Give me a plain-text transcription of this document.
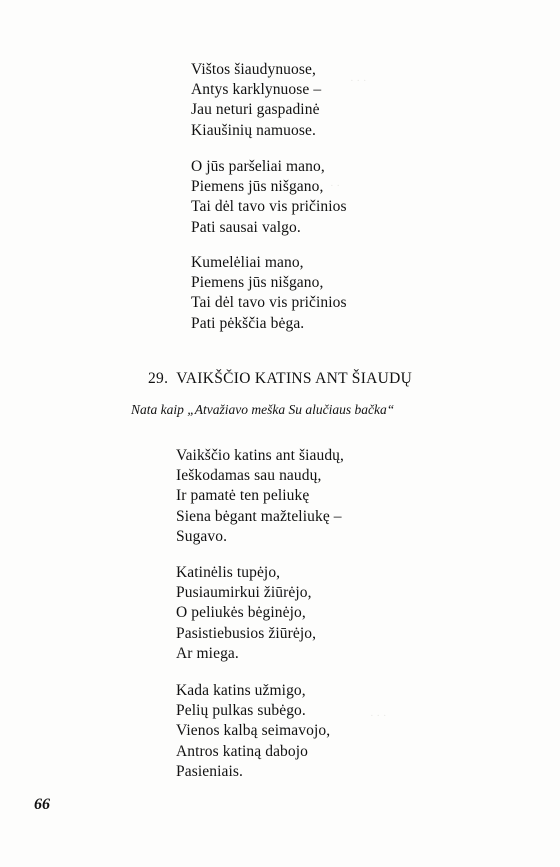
· · ·
· ·
· · ·
Vištos šiaudynuose,
Antys karklynuose –
Jau neturi gaspadinė
Kiaušinių namuose.
O jūs paršeliai mano,
Piemens jūs nišgano,
Tai dėl tavo vis pričinios
Pati sausai valgo.
Kumelėliai mano,
Piemens jūs nišgano,
Tai dėl tavo vis pričinios
Pati pėkščia bėga.
29. VAIKŠČIO KATINS ANT ŠIAUDŲ
Nata kaip „Atvažiavo meška Su alučiaus bačka“
Vaikščio katins ant šiaudų,
Ieškodamas sau naudų,
Ir pamatė ten peliukę
Siena bėgant mažteliukę –
Sugavo.
Katinėlis tupėjo,
Pusiaumirkui žiūrėjo,
O peliukės bėginėjo,
Pasistiebusios žiūrėjo,
Ar miega.
Kada katins užmigo,
Pelių pulkas subėgo.
Vienos kalbą seimavojo,
Antros katiną dabojo
Pasieniais.
66
